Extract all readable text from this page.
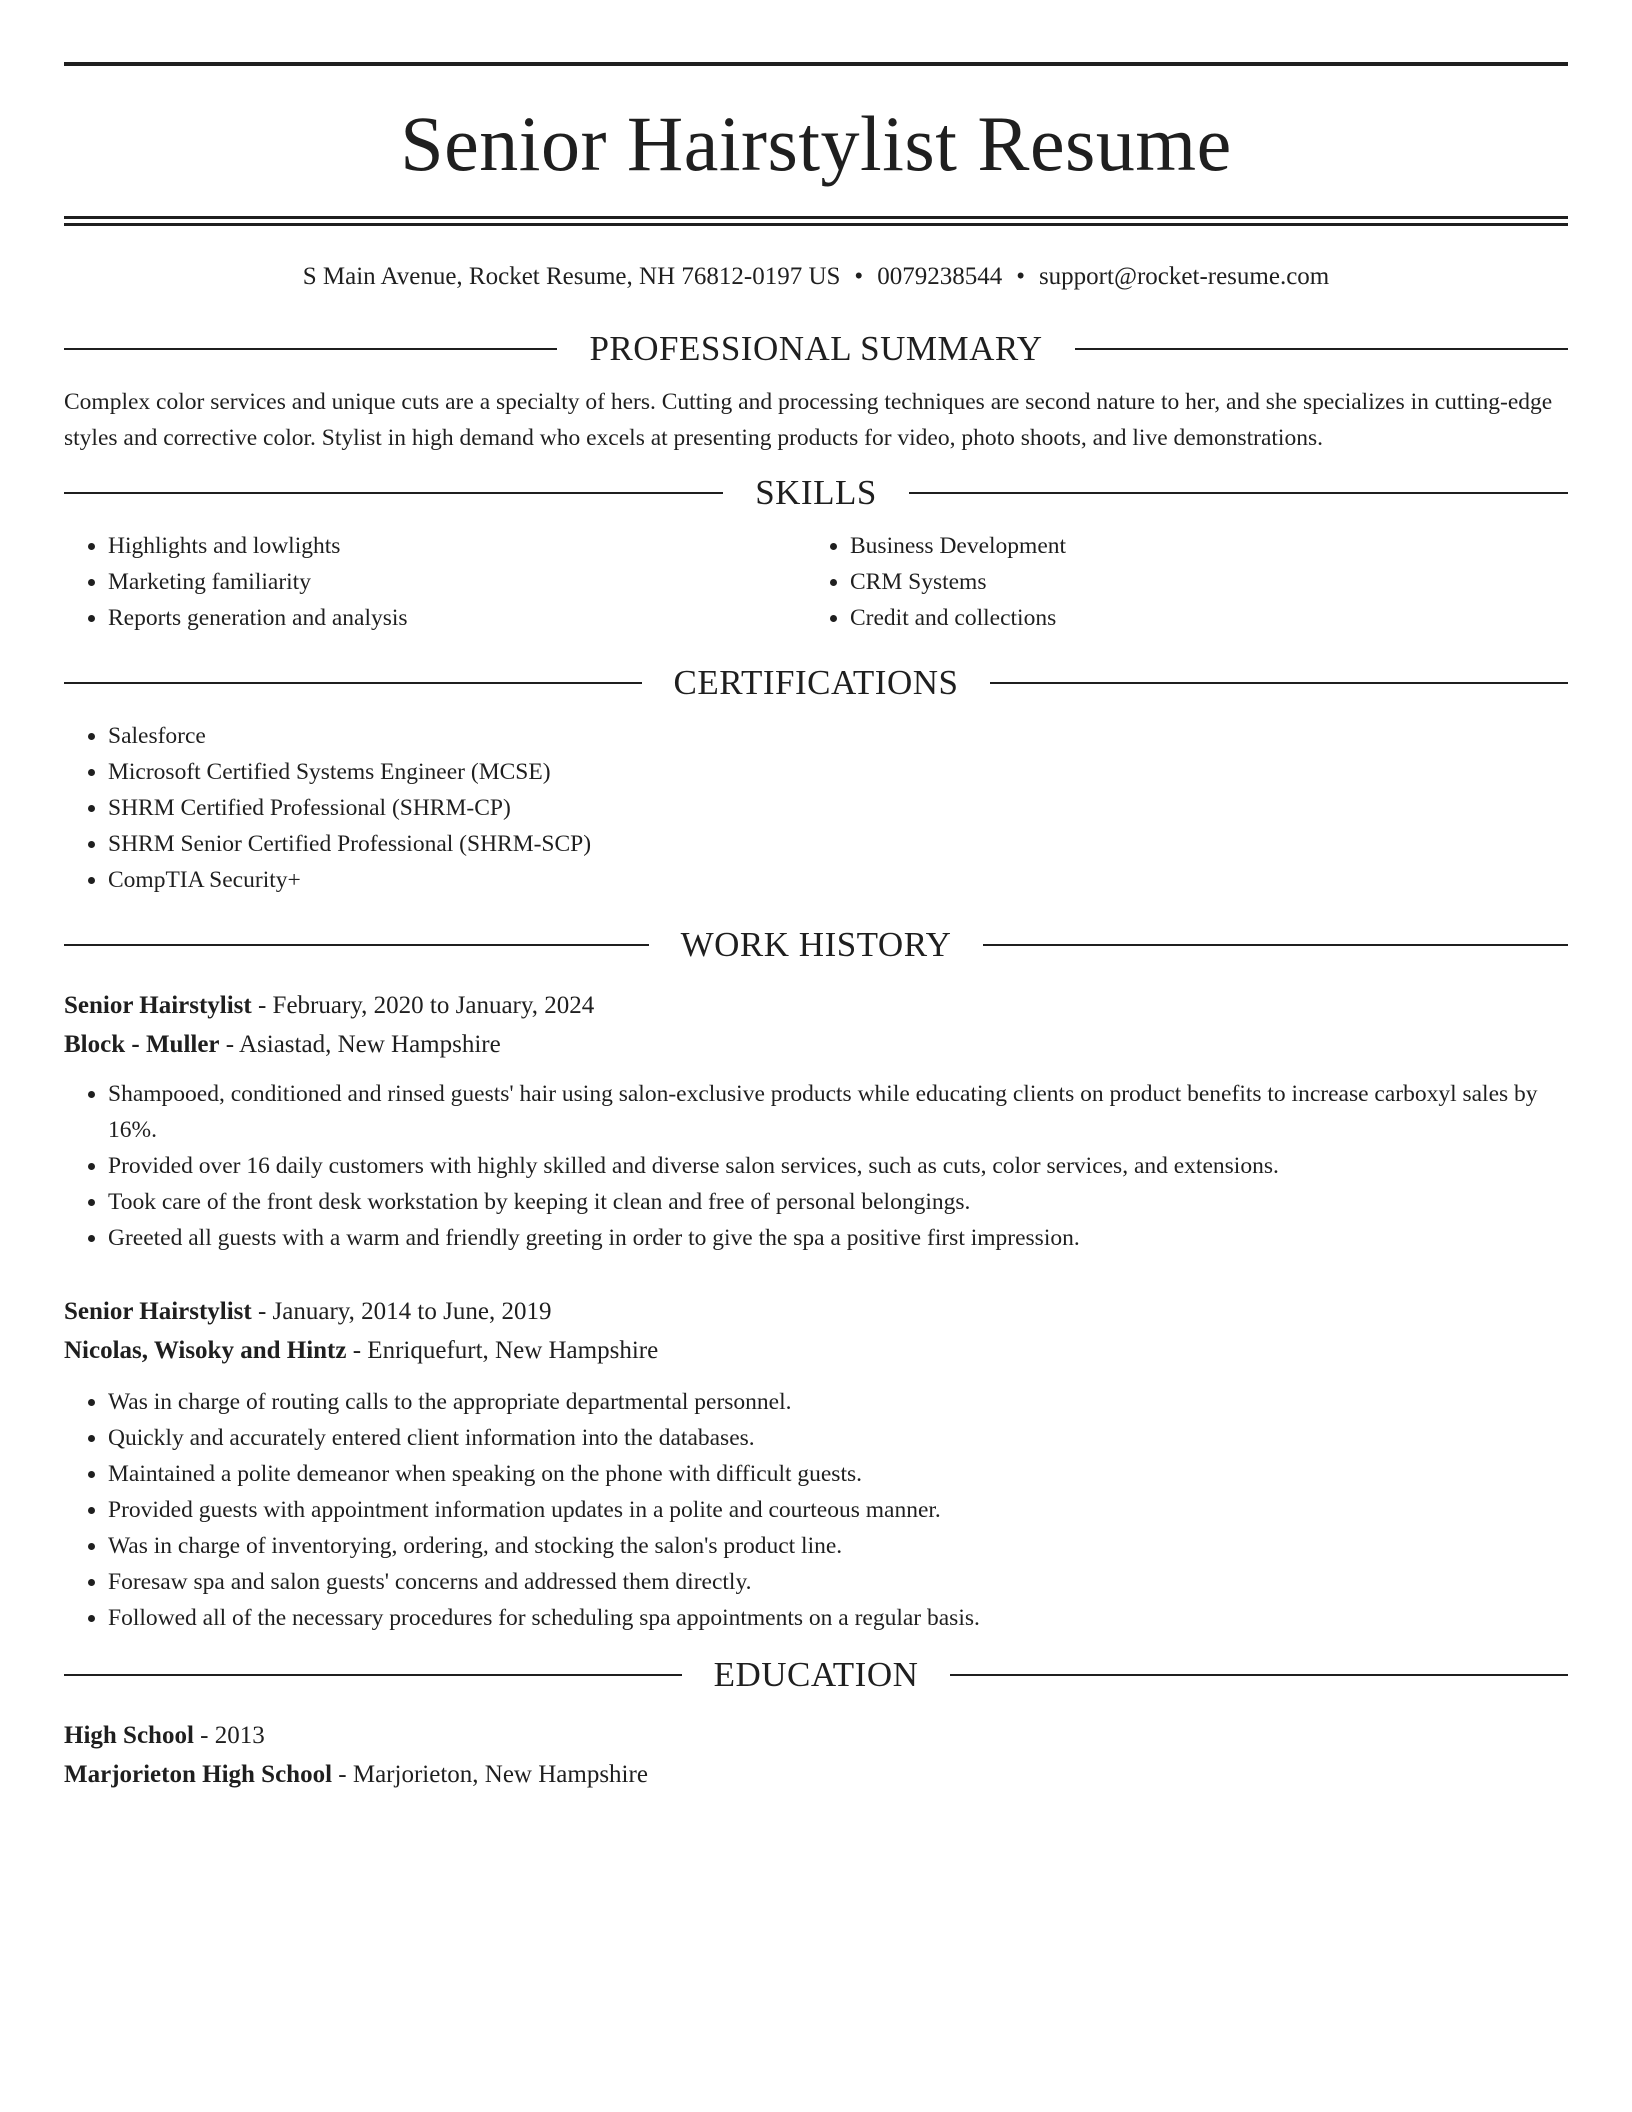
Senior Hairstylist Resume
S Main Avenue, Rocket Resume, NH 76812-0197 US • 0079238544 • support@rocket-resume.com
PROFESSIONAL SUMMARY
Complex color services and unique cuts are a specialty of hers. Cutting and processing techniques are second nature to her, and she specializes in cutting-edge styles and corrective color. Stylist in high demand who excels at presenting products for video, photo shoots, and live demonstrations.
SKILLS
• Highlights and lowlights
• Marketing familiarity
• Reports generation and analysis
• Business Development
• CRM Systems
• Credit and collections
CERTIFICATIONS
• Salesforce
• Microsoft Certified Systems Engineer (MCSE)
• SHRM Certified Professional (SHRM-CP)
• SHRM Senior Certified Professional (SHRM-SCP)
• CompTIA Security+
WORK HISTORY
Senior Hairstylist - February, 2020 to January, 2024
Block - Muller - Asiastad, New Hampshire
• Shampooed, conditioned and rinsed guests' hair using salon-exclusive products while educating clients on product benefits to increase carboxyl sales by 16%.
• Provided over 16 daily customers with highly skilled and diverse salon services, such as cuts, color services, and extensions.
• Took care of the front desk workstation by keeping it clean and free of personal belongings.
• Greeted all guests with a warm and friendly greeting in order to give the spa a positive first impression.
Senior Hairstylist - January, 2014 to June, 2019
Nicolas, Wisoky and Hintz - Enriquefurt, New Hampshire
• Was in charge of routing calls to the appropriate departmental personnel.
• Quickly and accurately entered client information into the databases.
• Maintained a polite demeanor when speaking on the phone with difficult guests.
• Provided guests with appointment information updates in a polite and courteous manner.
• Was in charge of inventorying, ordering, and stocking the salon's product line.
• Foresaw spa and salon guests' concerns and addressed them directly.
• Followed all of the necessary procedures for scheduling spa appointments on a regular basis.
EDUCATION
High School - 2013
Marjorieton High School - Marjorieton, New Hampshire
